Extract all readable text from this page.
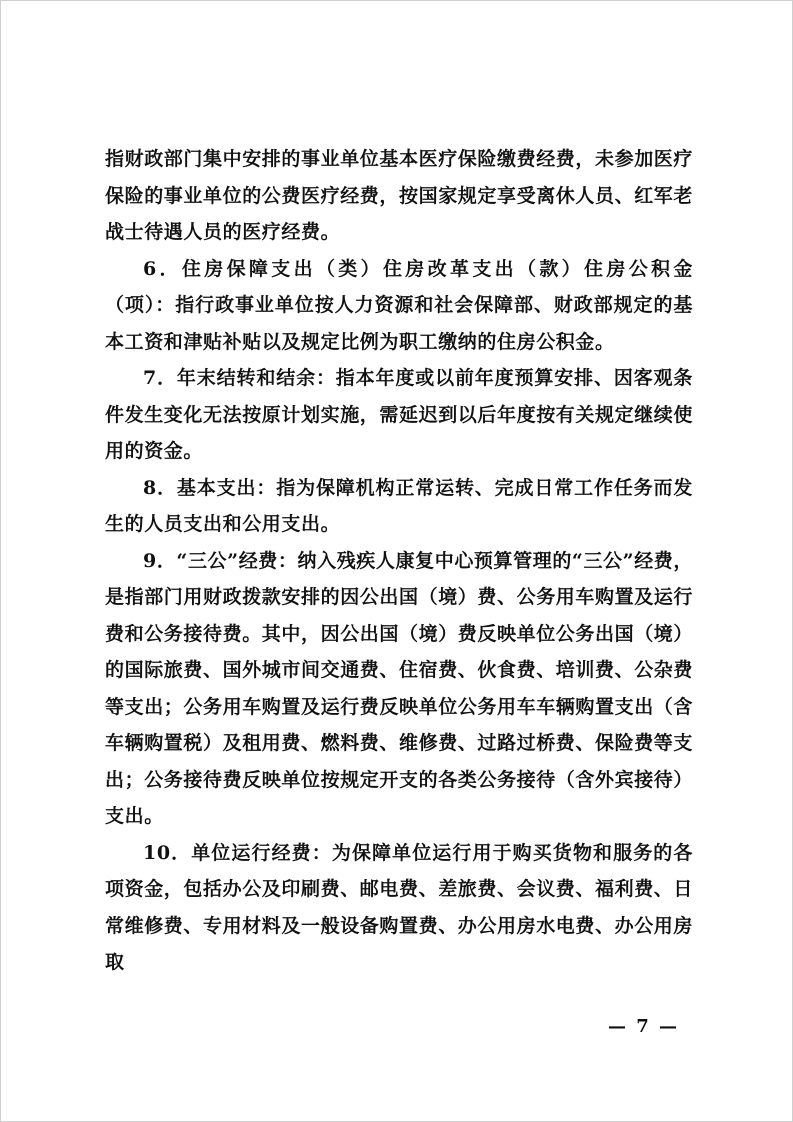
指财政部门集中安排的事业单位基本医疗保险缴费经费，未参加医疗保险的事业单位的公费医疗经费，按国家规定享受离休人员、红军老战士待遇人员的医疗经费。

6．住房保障支出（类）住房改革支出（款）住房公积金（项）：指行政事业单位按人力资源和社会保障部、财政部规定的基本工资和津贴补贴以及规定比例为职工缴纳的住房公积金。

7．年末结转和结余：指本年度或以前年度预算安排、因客观条件发生变化无法按原计划实施，需延迟到以后年度按有关规定继续使用的资金。

8．基本支出：指为保障机构正常运转、完成日常工作任务而发生的人员支出和公用支出。

9．“三公”经费：纳入残疾人康复中心预算管理的“三公”经费，是指部门用财政拨款安排的因公出国（境）费、公务用车购置及运行费和公务接待费。其中，因公出国（境）费反映单位公务出国（境）的国际旅费、国外城市间交通费、住宿费、伙食费、培训费、公杂费等支出；公务用车购置及运行费反映单位公务用车车辆购置支出（含车辆购置税）及租用费、燃料费、维修费、过路过桥费、保险费等支出；公务接待费反映单位按规定开支的各类公务接待（含外宾接待）支出。

10．单位运行经费：为保障单位运行用于购买货物和服务的各项资金，包括办公及印刷费、邮电费、差旅费、会议费、福利费、日常维修费、专用材料及一般设备购置费、办公用房水电费、办公用房取

— 7 —
